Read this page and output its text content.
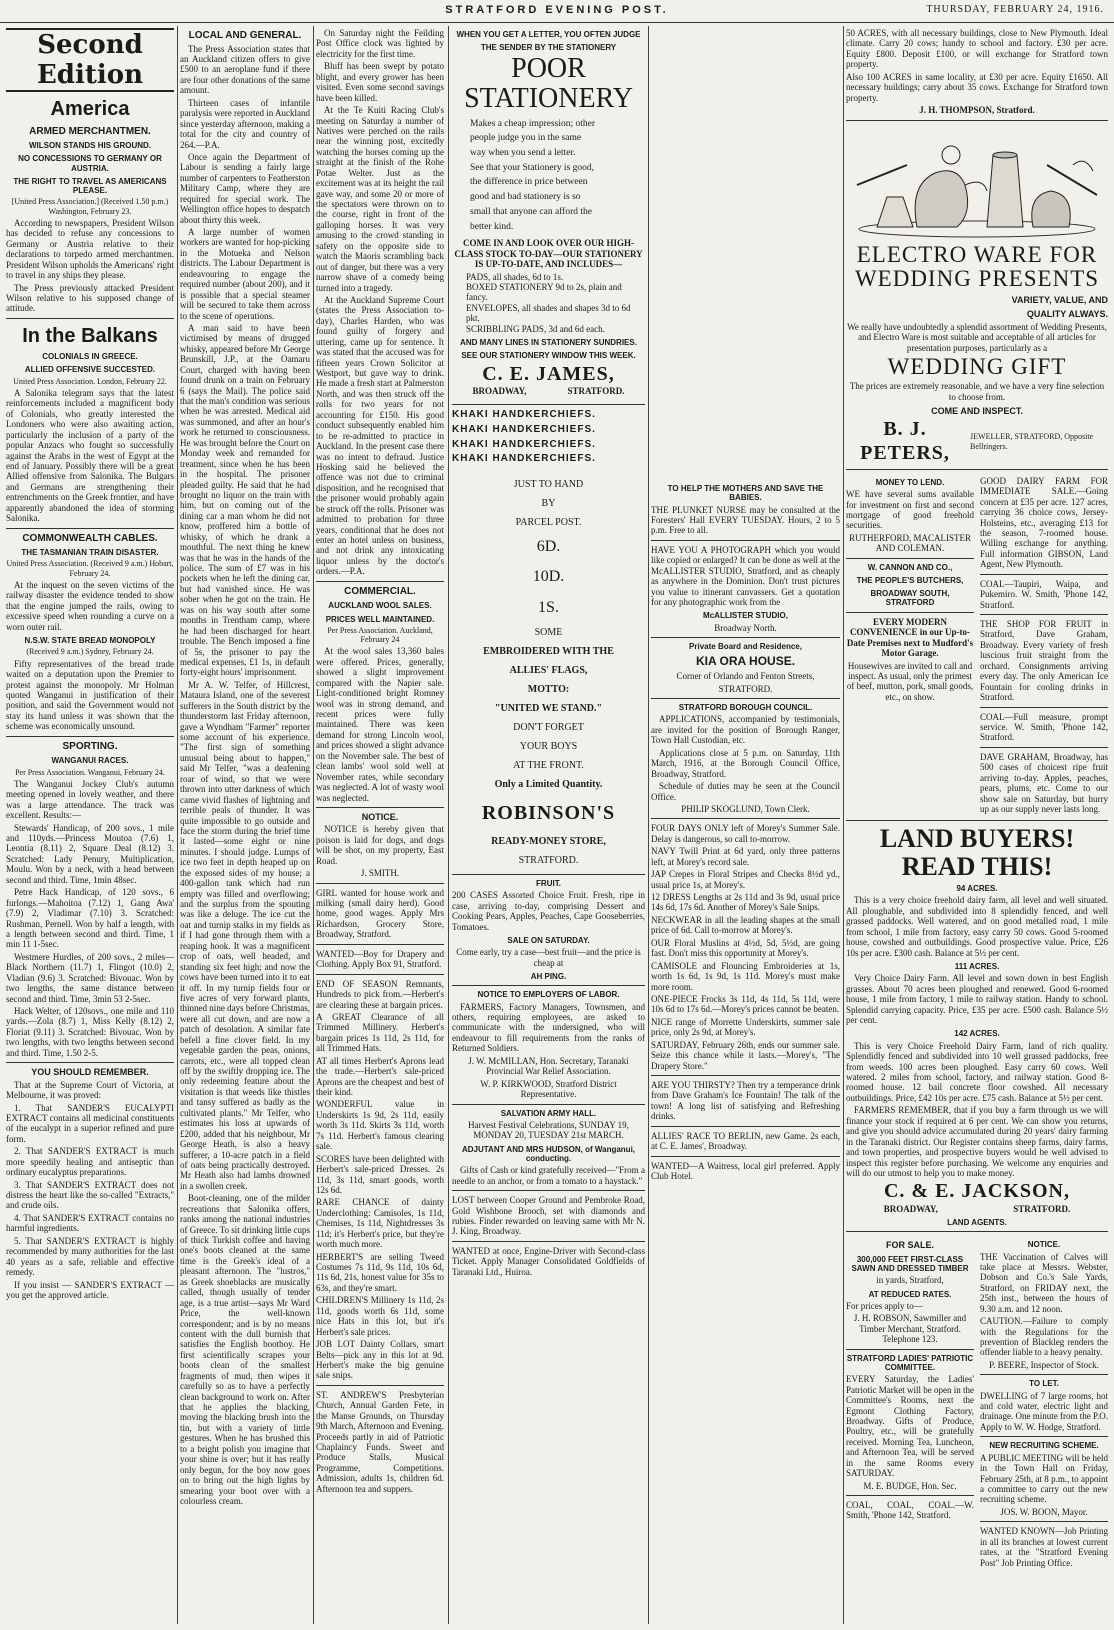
STRATFORD EVENING POST.	THURSDAY, FEBRUARY 24, 1916.
Second Edition
America
ARMED MERCHANTMEN.
WILSON STANDS HIS GROUND.
NO CONCESSIONS TO GERMANY OR AUSTRIA.
THE RIGHT TO TRAVEL AS AMERICANS PLEASE.

[United Press Association.] (Received 1.50 p.m.) Washington, February 23.

According to newspapers, President Wilson has decided to refuse any concessions to Germany or Austria relative to their declarations to torpedo armed merchantmen. President Wilson upholds the Americans' right to travel in any ships they please.

The Press previously attacked President Wilson relative to his supposed change of attitude.

In the Balkans
COLONIALS IN GREECE.
ALLIED OFFENSIVE SUCCESTED.

United Press Association. London, February 22.

A Salonika telegram says that the latest reinforcements included a magnificent body of Colonials, who greatly interested the Londoners who were also awaiting action, particularly the inclusion of a party of the popular Anzacs who fought so successfully against the Arabs in the west of Egypt at the end of January. Possibly there will be a great Allied offensive from Salonika. The Bulgars and Germans are strengthening their entrenchments on the Greek frontier, and have apparently abandoned the idea of storming Salonika.

COMMONWEALTH CABLES.
THE TASMANIAN TRAIN DISASTER.

United Press Association. (Received 9 a.m.) Hobart, February 24.

At the inquest on the seven victims of the railway disaster the evidence tended to show that the engine jumped the rails, owing to excessive speed when rounding a curve on a worn outer rail.

N.S.W. STATE BREAD MONOPOLY

(Received 9 a.m.) Sydney, February 24.

Fifty representatives of the bread trade waited on a deputation upon the Premier to protest against the monopoly. Mr Holman quoted Wanganui in justification of their position, and said the Government would not stay its hand unless it was shown that the scheme was economically unsound.

SPORTING.
WANGANUI RACES.

Per Press Association. Wanganui, February 24.

The Wanganui Jockey Club's autumn meeting opened in lovely weather, and there was a large attendance. The track was excellent. Results:—

Stewards' Handicap, of 200 sovs., 1 mile and 110yds.—Princess Moutoa (7.6) 1, Leontia (8.11) 2, Square Deal (8.12) 3. Scratched: Lady Penury, Multiplication, Moulu. Won by a neck, with a head between second and third. Time, 1min 48sec.

Petre Hack Handicap, of 120 sovs., 6 furlongs.—Mahoitoa (7.12) 1, Gang Awa' (7.9) 2, Vladimar (7.10) 3. Scratched: Rushman, Pernell. Won by half a length, with a length between second and third. Time, 1 min 11 1-5sec.

Westmere Hurdles, of 200 sovs., 2 miles—Black Northern (11.7) 1, Flingot (10.0) 2, Vladian (9.6) 3. Scratched: Bivouac. Won by two lengths, the same distance between second and third. Time, 3min 53 2-5sec.

Hack Welter, of 120sovs., one mile and 110 yards.—Zola (8.7) 1, Miss Kelly (8.12) 2, Floriat (9.11) 3. Scratched: Bivouac. Won by two lengths, with two lengths between second and third. Time, 1.50 2-5.

YOU SHOULD REMEMBER.

That at the Supreme Court of Victoria, at Melbourne, it was proved:

1. That SANDER'S EUCALYPTI EXTRACT contains all medicinal constituents of the eucalypt in a superior refined and pure form.

2. That SANDER'S EXTRACT is much more speedily healing and antiseptic than ordinary eucalyptus preparations.

3. That SANDER'S EXTRACT does not distress the heart like the so-called "Extracts," and crude oils.

4. That SANDER'S EXTRACT contains no harmful ingredients.

5. That SANDER'S EXTRACT is highly recommended by many authorities for the last 40 years as a safe, reliable and effective remedy.

If you insist — SANDER'S EXTRACT — you get the approved article.

LOCAL AND GENERAL.

The Press Association states that an Auckland citizen offers to give £500 to an aeroplane fund if there are four other donations of the same amount.

Thirteen cases of infantile paralysis were reported in Auckland since yesterday afternoon, making a total for the city and country of 264.—P.A.

Once again the Department of Labour is sending a fairly large number of carpenters to Featherston Military Camp, where they are required for special work. The Wellington office hopes to despatch about thirty this week.

A large number of women workers are wanted for hop-picking in the Motueka and Nelson districts. The Labour Department is endeavouring to engage the required number (about 200), and it is possible that a special steamer will be secured to take them across to the scene of operations.

A man said to have been victimised by means of drugged whisky, appeared before Mr George Brunskill, J.P., at the Oamaru Court, charged with having been found drunk on a train on February 6 (says the Mail). The police said that the man's condition was serious when he was arrested. Medical aid was summoned, and after an hour's work he returned to consciousness. He was brought before the Court on Monday week and remanded for treatment, since when he has been in the hospital. The prisoner pleaded guilty. He said that he had brought no liquor on the train with him, but on coming out of the dining car a man whom he did not know, proffered him a bottle of whisky, of which he drank a mouthful. The next thing he knew was that he was in the hands of the police. The sum of £7 was in his pockets when he left the dining car, but had vanished since. He was sober when he got on the train. He was on his way south after some months in Trentham camp, where he had been discharged for heart trouble. The Bench imposed a fine of 5s, the prisoner to pay the medical expenses, £1 1s, in default forty-eight hours' imprisonment.

Mr A. W. Telfer, of Hillcrest, Mataura Island, one of the severest sufferers in the South district by the thunderstorm last Friday afternoon, gave a Wyndham "Farmer" reporter some account of his experience. "The first sign of something unusual being about to happen," said Mr Telfer, "was a deafening roar of wind, so that we were thrown into utter darkness of which came vivid flashes of lightning and terrible peals of thunder. It was quite impossible to go outside and face the storm during the brief time it lasted—some eight or nine minutes. I should judge. Lumps of ice two feet in depth heaped up on the exposed sides of my house; a 400-gallon tank which had run empty was filled and overflowing; and the surplus from the spouting was like a deluge. The ice cut the oat and turnip stalks in my fields as if I had gone through them with a reaping hook. It was a magnificent crop of oats, well headed, and standing six feet high; and now the cows have been turned into it to eat it off. In my turnip fields four or five acres of very forward plants, thinned nine days before Christmas, were all cut down, and are now a patch of desolation. A similar fate befell a fine clover field. In my vegetable garden the peas, onions, carrots, etc., were all topped clean off by the swiftly dropping ice. The only redeeming feature about the visitation is that weeds like thistles and tansy suffered as badly as the cultivated plants." Mr Telfer, who estimates his loss at upwards of £200, added that his neighbour, Mr George Heath, is also a heavy sufferer, a 10-acre patch in a field of oats being practically destroyed. Mr Heath also had lambs drowned in a swollen creek.

Boot-cleaning, one of the milder recreations that Salonika offers, ranks among the national industries of Greece. To sit drinking little cups of thick Turkish coffee and having one's boots cleaned at the same time is the Greek's ideal of a pleasant afternoon. The "lustros," as Greek shoeblacks are musically called, though usually of tender age, is a true artist—says Mr Ward Price, the well-known correspondent; and is by no means content with the dull burnish that satisfies the English bootboy. He first scientifically scrapes your boots clean of the smallest fragments of mud, then wipes it carefully so as to have a perfectly clean background to work on. After that he applies the blacking, moving the blacking brush into the tin, but with a variety of little gestures. When he has brushed this to a bright polish you imagine that your shine is over; but it has really only begun, for the boy now goes on to bring out the high lights by smearing your boot over with a colourless cream.

On Saturday night the Feilding Post Office clock was lighted by electricity for the first time.

Bluff has been swept by potato blight, and every grower has been visited. Even some second savings have been killed.

At the Te Kuiti Racing Club's meeting on Saturday a number of Natives were perched on the rails near the winning post, excitedly watching the horses coming up the straight at the finish of the Rohe Potae Welter. Just as the excitement was at its height the rail gave way, and some 20 or more of the spectators were thrown on to the course, right in front of the galloping horses. It was very amusing to the crowd standing in safety on the opposite side to watch the Maoris scrambling back out of danger, but there was a very narrow shave of a comedy being turned into a tragedy.

At the Auckland Supreme Court (states the Press Association to-day), Charles Harden, who was found guilty of forgery and uttering, came up for sentence. It was stated that the accused was for fifteen years Crown Solicitor at Westport, but gave way to drink. He made a fresh start at Palmerston North, and was then struck off the rolls for two years for not accounting for £150. His good conduct subsequently enabled him to be re-admitted to practice in Auckland. In the present case there was no intent to defraud. Justice Hosking said he believed the offence was not due to criminal disposition, and he recognised that the prisoner would probably again be struck off the rolls. Prisoner was admitted to probation for three years, conditional that he does not enter an hotel unless on business, and not drink any intoxicating liquor unless by the doctor's orders.—P.A.

COMMERCIAL.
AUCKLAND WOOL SALES.
PRICES WELL MAINTAINED.

Per Press Association. Auckland, February 24

At the wool sales 13,360 bales were offered. Prices, generally, showed a slight improvement compared with the Napier sale. Light-conditioned bright Romney wool was in strong demand, and recent prices were fully maintained. There was keen demand for strong Lincoln wool, and prices showed a slight advance on the November sale. The best of clean lambs' wool sold well at November rates, while secondary was neglected. A lot of wasty wool was neglected.

NOTICE.

NOTICE is hereby given that poison is laid for dogs, and dogs will be shot, on my property, East Road.

J. SMITH.

GIRL wanted for house work and milking (small dairy herd). Good home, good wages. Apply Mrs Richardson, Grocery Store, Broadway, Stratford.

WANTED—Boy for Drapery and Clothing. Apply Box 91, Stratford.

END OF SEASON Remnants, Hundreds to pick from.—Herbert's are clearing these at bargain prices.

A GREAT Clearance of all Trimmed Millinery. Herbert's bargain prices 1s 11d, 2s 11d, for all Trimmed Hats.

AT all times Herbert's Aprons lead the trade.—Herbert's sale-priced Aprons are the cheapest and best of their kind.

WONDERFUL value in Underskirts 1s 9d, 2s 11d, easily worth 3s 11d. Skirts 3s 11d, worth 7s 11d. Herbert's famous clearing sale.

SCORES have been delighted with Herbert's sale-priced Dresses. 2s 11d, 3s 11d, smart goods, worth 12s 6d.

RARE CHANCE of dainty Underclothing: Camisoles, 1s 11d, Chemises, 1s 11d, Nightdresses 3s 11d; it's Herbert's price, but they're worth much more.

HERBERT'S are selling Tweed Costumes 7s 11d, 9s 11d, 10s 6d, 11s 6d, 21s, honest value for 35s to 63s, and they're smart.

CHILDREN'S Millinery 1s 11d, 2s 11d, goods worth 6s 11d, some nice Hats in this lot, but it's Herbert's sale prices.

JOB LOT Dainty Collars, smart Belts—pick any in this lot at 9d. Herbert's make the big genuine sale snips.

ST. ANDREW'S Presbyterian Church, Annual Garden Fete, in the Manse Grounds, on Thursday 9th March, Afternoon and Evening. Proceeds partly in aid of Patriotic Chaplaincy Funds. Sweet and Produce Stalls, Musical Programme, Competitions. Admission, adults 1s, children 6d. Afternoon tea and suppers.

WHEN YOU GET A LETTER, YOU OFTEN JUDGE
THE SENDER BY THE STATIONERY
POOR
STATIONERY
Makes a cheap impression; other
people judge you in the same
way when you send a letter.
See that your Stationery is good,
the difference in price between
good and bad stationery is so
small that anyone can afford the
better kind.

COME IN AND LOOK OVER OUR HIGH-CLASS STOCK TO-DAY—OUR STATIONERY IS UP-TO-DATE, AND INCLUDES—

PADS, all shades, 6d to 1s.
BOXED STATIONERY 9d to 2s, plain and fancy.
ENVELOPES, all shades and shapes 3d to 6d pkt.
SCRIBBLING PADS, 3d and 6d each.
AND MANY LINES IN STATIONERY SUNDRIES.
SEE OUR STATIONERY WINDOW THIS WEEK.
C. E. JAMES,
BROADWAY,	STRATFORD.
KHAKI HANDKERCHIEFS.
KHAKI HANDKERCHIEFS.
KHAKI HANDKERCHIEFS.
KHAKI HANDKERCHIEFS.
JUST TO HAND
BY
PARCEL POST.
6D.
10D.
1S.
SOME
EMBROIDERED WITH THE
ALLIES' FLAGS,
MOTTO:
"UNITED WE STAND."
DON'T FORGET
YOUR BOYS
AT THE FRONT.
Only a Limited Quantity.
ROBINSON'S
READY-MONEY STORE,
STRATFORD.
FRUIT.

200 CASES Assorted Choice Fruit. Fresh, ripe in case, arriving to-day, comprising Dessert and Cooking Pears, Apples, Peaches, Cape Gooseberries, Tomatoes.

SALE ON SATURDAY.

Come early, try a case—best fruit—and the price is cheap at

AH PING.
NOTICE TO EMPLOYERS OF LABOR.

FARMERS, Factory Managers, Townsmen, and others, requiring employees, are asked to communicate with the undersigned, who will endeavour to fill requirements from the ranks of Returned Soldiers.

J. W. McMILLAN, Hon. Secretary, Taranaki Provincial War Relief Association.

W. P. KIRKWOOD, Stratford District Representative.

SALVATION ARMY HALL.

Harvest Festival Celebrations, SUNDAY 19, MONDAY 20, TUESDAY 21st MARCH.

ADJUTANT AND MRS HUDSON, of Wanganui, conducting.

Gifts of Cash or kind gratefully received—"From a needle to an anchor, or from a tomato to a haystack."

LOST between Cooper Ground and Pembroke Road, Gold Wishbone Brooch, set with diamonds and rubies. Finder rewarded on leaving same with Mr N. J. King, Broadway.

WANTED at once, Engine-Driver with Second-class Ticket. Apply Manager Consolidated Goldfields of Taranaki Ltd., Huiroa.

TO HELP THE MOTHERS AND SAVE THE BABIES.

THE PLUNKET NURSE may be consulted at the Foresters' Hall EVERY TUESDAY. Hours, 2 to 5 p.m. Free to all.

HAVE YOU A PHOTOGRAPH which you would like copied or enlarged? It can be done as well at the McALLISTER STUDIO, Stratford, and as cheaply as anywhere in the Dominion. Don't trust pictures you value to itinerant canvassers. Get a quotation for any photographic work from the

McALLISTER STUDIO,

Broadway North.

Private Board and Residence,
KIA ORA HOUSE.

Corner of Orlando and Fenton Streets,

STRATFORD.

STRATFORD BOROUGH COUNCIL.

APPLICATIONS, accompanied by testimonials, are invited for the position of Borough Ranger, Town Hall Custodian, etc.

Applications close at 5 p.m. on Saturday, 11th March, 1916, at the Borough Council Office, Broadway, Stratford.

Schedule of duties may be seen at the Council Office.

PHILIP SKOGLUND, Town Clerk.

FOUR DAYS ONLY left of Morey's Summer Sale. Delay is dangerous, so call to-morrow.

NAVY Twill Print at 6d yard, only three patterns left, at Morey's record sale.

JAP Crepes in Floral Stripes and Checks 8½d yd., usual price 1s, at Morey's.

12 DRESS Lengths at 2s 11d and 3s 9d, usual price 14s 6d, 17s 6d. Another of Morey's Sale Snips.

NECKWEAR in all the leading shapes at the small price of 6d. Call to-morrow at Morey's.

OUR Floral Muslins at 4½d, 5d, 5½d, are going fast. Don't miss this opportunity at Morey's.

CAMISOLE and Flouncing Embroideries at 1s, worth 1s 6d, 1s 9d, 1s 11d. Morey's must make more room.

ONE-PIECE Frocks 3s 11d, 4s 11d, 5s 11d, were 10s 6d to 17s 6d.—Morey's prices cannot be beaten.

NICE range of Morrette Underskirts, summer sale price, only 2s 9d, at Morey's.

SATURDAY, February 26th, ends our summer sale. Seize this chance while it lasts.—Morey's, "The Drapery Store."

ARE YOU THIRSTY? Then try a temperance drink from Dave Graham's Ice Fountain! The talk of the town! A long list of satisfying and Refreshing drinks.

ALLIES' RACE TO BERLIN, new Game. 2s each, at C. E. James', Broadway.

WANTED—A Waitress, local girl preferred. Apply Club Hotel.

50 ACRES, with all necessary buildings, close to New Plymouth. Ideal climate. Carry 20 cows; handy to school and factory. £30 per acre. Equity £800. Deposit £100, or will exchange for Stratford town property.

Also 100 ACRES in same locality, at £30 per acre. Equity £1650. All necessary buildings; carry about 35 cows. Exchange for Stratford town property.

J. H. THOMPSON, Stratford.

ELECTRO WARE FOR
WEDDING PRESENTS
VARIETY, VALUE, AND
QUALITY ALWAYS.

We really have undoubtedly a splendid assortment of Wedding Presents, and Electro Ware is most suitable and acceptable of all articles for presentation purposes, particularly as a

WEDDING GIFT

The prices are extremely reasonable, and we have a very fine selection to choose from.

COME AND INSPECT.
B. J. PETERS,
JEWELLER, STRATFORD, Opposite Bellringers.
MONEY TO LEND.

WE have several sums available for investment on first and second mortgage of good freehold securities.

RUTHERFORD, MACALISTER AND COLEMAN.

W. CANNON AND CO.,
THE PEOPLE'S BUTCHERS,
BROADWAY SOUTH, STRATFORD

EVERY MODERN CONVENIENCE in our Up-to-Date Premises next to Mudford's Motor Garage.

Housewives are invited to call and inspect. As usual, only the primest of beef, mutton, pork, small goods, etc., on show.

GOOD DAIRY FARM FOR IMMEDIATE SALE.—Going concern at £35 per acre. 127 acres, carrying 36 choice cows, Jersey-Holsteins, etc., averaging £13 for the season, 7-roomed house. Willing exchange for anything. Full information GIBSON, Land Agent, New Plymouth.

COAL—Taupiri, Waipa, and Pukemiro. W. Smith, 'Phone 142, Stratford.

THE SHOP FOR FRUIT in Stratford, Dave Graham, Broadway. Every variety of fresh luscious fruit straight from the orchard. Consignments arriving every day. The only American Ice Fountain for cooling drinks in Stratford.

COAL—Full measure, prompt service. W. Smith, 'Phone 142, Stratford.

DAVE GRAHAM, Broadway, has 500 cases of choicest ripe fruit arriving to-day. Apples, peaches, pears, plums, etc. Come to our show sale on Saturday, but hurry up as our supply never lasts long.

LAND BUYERS!
READ THIS!
94 ACRES.

This is a very choice freehold dairy farm, all level and well situated. All ploughable, and subdivided into 8 splendidly fenced, and well grassed paddocks. Well watered, and on good metalled road, 1 mile from school, 1 mile from factory, easy carry 50 cows. Good 5-roomed house, cowshed and outbuildings. Good prospective value. Price, £26 10s per acre. £300 cash. Balance at 5½ per cent.

111 ACRES.

Very Choice Dairy Farm. All level and sown down in best English grasses. About 70 acres been ploughed and renewed. Good 6-roomed house, 1 mile from factory, 1 mile to railway station. Handy to school. Splendid carrying capacity. Price, £35 per acre. £500 cash. Balance 5½ per cent.

142 ACRES.

This is very Choice Freehold Dairy Farm, land of rich quality. Splendidly fenced and subdivided into 10 well grassed paddocks, free from weeds. 100 acres been ploughed. Easy carry 60 cows. Well watered. 2 miles from school, factory, and railway station. Good 8-roomed house. 12 bail concrete floor cowshed. All necessary outbuildings. Price, £42 10s per acre. £75 cash. Balance at 5½ per cent.

FARMERS REMEMBER, that if you buy a farm through us we will finance your stock if required at 6 per cent. We can show you returns, and give you should advice accumulated during 20 years' dairy farming in the Taranaki district. Our Register contains sheep farms, dairy farms, and town properties, and prospective buyers would be well advised to inspect this register before purchasing. We welcome any enquiries and will do our utmost to help you to make money.

C. & E. JACKSON,
BROADWAY,	STRATFORD.
LAND AGENTS.
FOR SALE.
300,000 FEET FIRST-CLASS SAWN AND DRESSED TIMBER

in yards, Stratford,

AT REDUCED RATES.

For prices apply to—

J. H. ROBSON, Sawmiller and Timber Merchant, Stratford. Telephone 123.

STRATFORD LADIES' PATRIOTIC COMMITTEE.

EVERY Saturday, the Ladies' Patriotic Market will be open in the Committee's Rooms, next the Egmont Clothing Factory, Broadway. Gifts of Produce, Poultry, etc., will be gratefully received. Morning Tea, Luncheon, and Afternoon Tea, will be served in the same Rooms every SATURDAY.

M. E. BUDGE, Hon. Sec.

COAL, COAL, COAL.—W. Smith, 'Phone 142, Stratford.

NOTICE.

THE Vaccination of Calves will take place at Messrs. Webster, Dobson and Co.'s Sale Yards, Stratford, on FRIDAY next, the 25th inst., between the hours of 9.30 a.m. and 12 noon.

CAUTION.—Failure to comply with the Regulations for the prevention of Blackleg renders the offender liable to a heavy penalty.

P. BEERE, Inspector of Stock.

TO LET.

DWELLING of 7 large rooms, hot and cold water, electric light and drainage. One minute from the P.O. Apply to W. W. Hodge, Stratford.

NEW RECRUITING SCHEME.

A PUBLIC MEETING will be held in the Town Hall on Friday, February 25th, at 8 p.m., to appoint a committee to carry out the new recruiting scheme.

JOS. W. BOON, Mayor.

WANTED KNOWN—Job Printing in all its branches at lowest current rates, at the "Stratford Evening Post" Job Printing Office.
